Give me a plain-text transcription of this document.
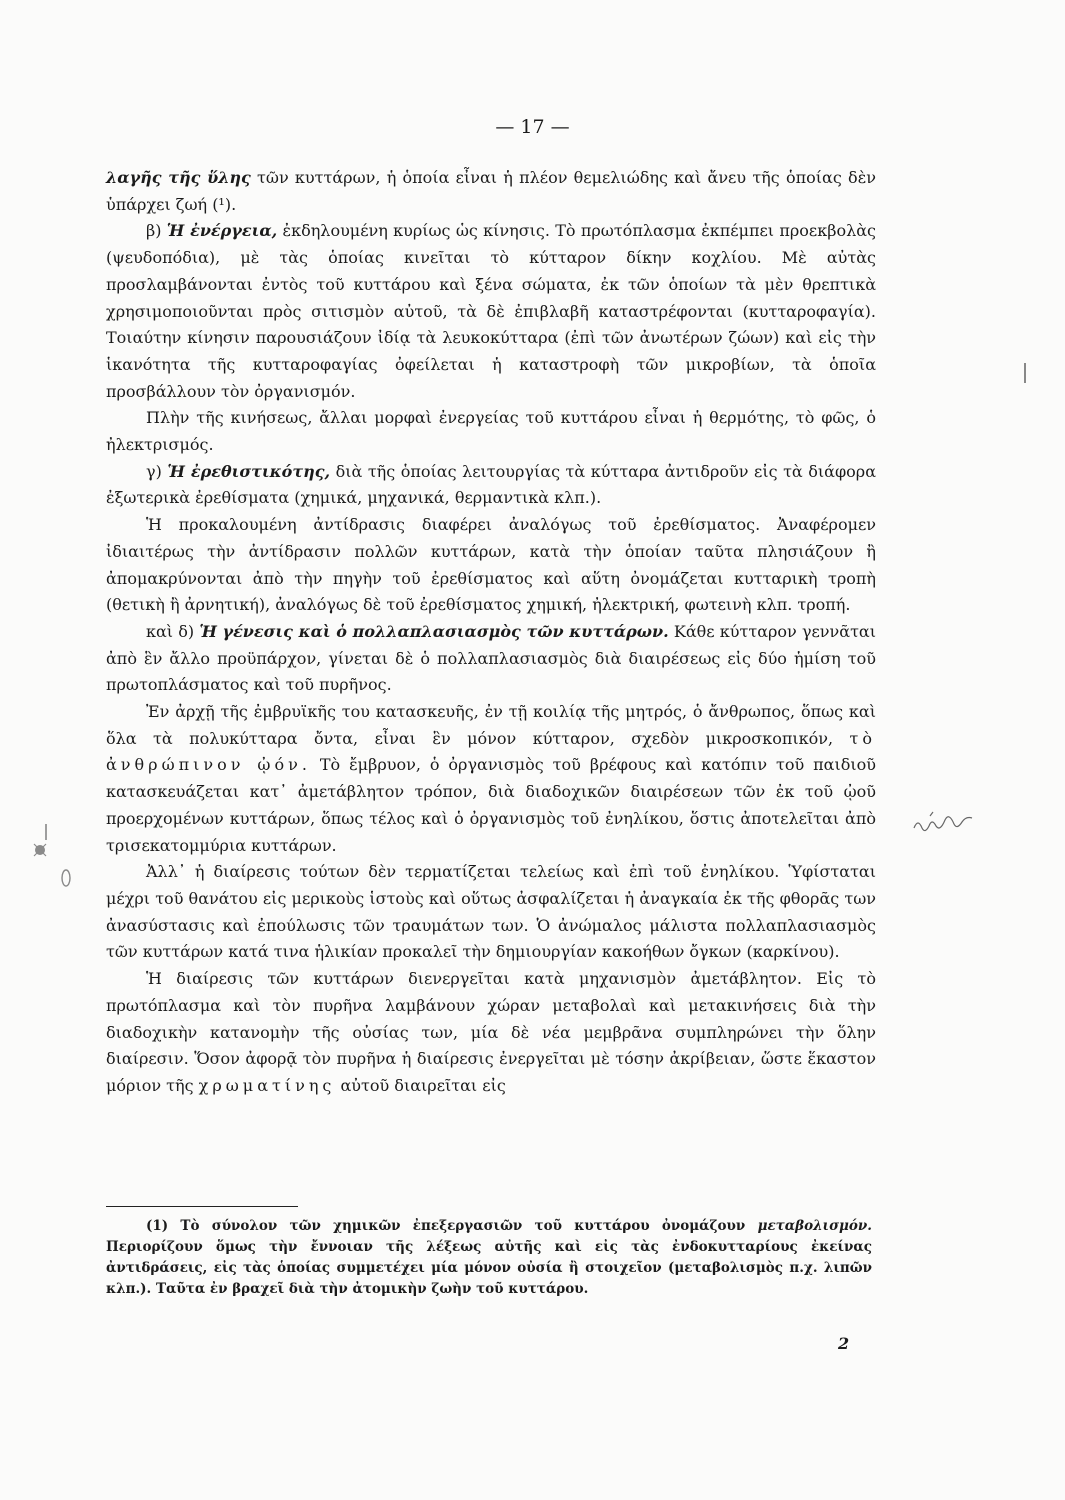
— 17 —

λαγῆς τῆς ὕλης τῶν κυττάρων, ἡ ὁποία εἶναι ἡ πλέον θεμελιώδης καὶ ἄνευ τῆς ὁποίας δὲν ὑπάρχει ζωή (¹).

β) Ἡ ἐνέργεια, ἐκδηλουμένη κυρίως ὡς κίνησις. Τὸ πρωτόπλασμα ἐκπέμπει προεκβολὰς (ψευδοπόδια), μὲ τὰς ὁποίας κινεῖται τὸ κύτταρον δίκην κοχλίου. Μὲ αὐτὰς προσλαμβάνονται ἐντὸς τοῦ κυττάρου καὶ ξένα σώματα, ἐκ τῶν ὁποίων τὰ μὲν θρεπτικὰ χρησιμοποιοῦνται πρὸς σιτισμὸν αὐτοῦ, τὰ δὲ ἐπιβλαβῆ καταστρέφονται (κυτταροφαγία). Τοιαύτην κίνησιν παρουσιάζουν ἰδίᾳ τὰ λευκοκύτταρα (ἐπὶ τῶν ἀνωτέρων ζώων) καὶ εἰς τὴν ἱκανότητα τῆς κυτταροφαγίας ὀφείλεται ἡ καταστροφὴ τῶν μικροβίων, τὰ ὁποῖα προσβάλλουν τὸν ὀργανισμόν.

Πλὴν τῆς κινήσεως, ἄλλαι μορφαὶ ἐνεργείας τοῦ κυττάρου εἶναι ἡ θερμότης, τὸ φῶς, ὁ ἠλεκτρισμός.

γ) Ἡ ἐρεθιστικότης, διὰ τῆς ὁποίας λειτουργίας τὰ κύτταρα ἀντιδροῦν εἰς τὰ διάφορα ἐξωτερικὰ ἐρεθίσματα (χημικά, μηχανικά, θερμαντικὰ κλπ.).

Ἡ προκαλουμένη ἀντίδρασις διαφέρει ἀναλόγως τοῦ ἐρεθίσματος. Ἀναφέρομεν ἰδιαιτέρως τὴν ἀντίδρασιν πολλῶν κυττάρων, κατὰ τὴν ὁποίαν ταῦτα πλησιάζουν ἢ ἀπομακρύνονται ἀπὸ τὴν πηγὴν τοῦ ἐρεθίσματος καὶ αὕτη ὀνομάζεται κυτταρικὴ τροπὴ (θετικὴ ἢ ἀρνητική), ἀναλόγως δὲ τοῦ ἐρεθίσματος χημική, ἠλεκτρική, φωτεινὴ κλπ. τροπή.

καὶ δ) Ἡ γένεσις καὶ ὁ πολλαπλασιασμὸς τῶν κυττάρων. Κάθε κύτταρον γεννᾶται ἀπὸ ἓν ἄλλο προϋπάρχον, γίνεται δὲ ὁ πολλαπλασιασμὸς διὰ διαιρέσεως εἰς δύο ἡμίση τοῦ πρωτοπλάσματος καὶ τοῦ πυρῆνος.

Ἐν ἀρχῇ τῆς ἐμβρυϊκῆς του κατασκευῆς, ἐν τῇ κοιλίᾳ τῆς μητρός, ὁ ἄνθρωπος, ὅπως καὶ ὅλα τὰ πολυκύτταρα ὄντα, εἶναι ἓν μόνον κύτταρον, σχεδὸν μικροσκοπικόν, τὸ ἀνθρώπινον ᾠόν. Τὸ ἔμβρυον, ὁ ὀργανισμὸς τοῦ βρέφους καὶ κατόπιν τοῦ παιδιοῦ κατασκευάζεται κατ᾽ ἀμετάβλητον τρόπον, διὰ διαδοχικῶν διαιρέσεων τῶν ἐκ τοῦ ᾠοῦ προερχομένων κυττάρων, ὅπως τέλος καὶ ὁ ὀργανισμὸς τοῦ ἐνηλίκου, ὅστις ἀποτελεῖται ἀπὸ τρισεκατομμύρια κυττάρων.

Ἀλλ᾽ ἡ διαίρεσις τούτων δὲν τερματίζεται τελείως καὶ ἐπὶ τοῦ ἐνηλίκου. Ὑφίσταται μέχρι τοῦ θανάτου εἰς μερικοὺς ἱστοὺς καὶ οὕτως ἀσφαλίζεται ἡ ἀναγκαία ἐκ τῆς φθορᾶς των ἀνασύστασις καὶ ἐπούλωσις τῶν τραυμάτων των. Ὁ ἀνώμαλος μάλιστα πολλαπλασιασμὸς τῶν κυττάρων κατά τινα ἡλικίαν προκαλεῖ τὴν δημιουργίαν κακοήθων ὄγκων (καρκίνου).

Ἡ διαίρεσις τῶν κυττάρων διενεργεῖται κατὰ μηχανισμὸν ἀμετάβλητον. Εἰς τὸ πρωτόπλασμα καὶ τὸν πυρῆνα λαμβάνουν χώραν μεταβολαὶ καὶ μετακινήσεις διὰ τὴν διαδοχικὴν κατανομὴν τῆς οὐσίας των, μία δὲ νέα μεμβρᾶνα συμπληρώνει τὴν ὅλην διαίρεσιν. Ὅσον ἀφορᾷ τὸν πυρῆνα ἡ διαίρεσις ἐνεργεῖται μὲ τόσην ἀκρίβειαν, ὥστε ἕκαστον μόριον τῆς χρωματίνης αὐτοῦ διαιρεῖται εἰς

(1) Τὸ σύνολον τῶν χημικῶν ἐπεξεργασιῶν τοῦ κυττάρου ὀνομάζουν μεταβολισμόν. Περιορίζουν ὅμως τὴν ἔννοιαν τῆς λέξεως αὐτῆς καὶ εἰς τὰς ἐνδοκυτταρίους ἐκείνας ἀντιδράσεις, εἰς τὰς ὁποίας συμμετέχει μία μόνον οὐσία ἢ στοιχεῖον (μεταβολισμὸς π.χ. λιπῶν κλπ.). Ταῦτα ἐν βραχεῖ διὰ τὴν ἀτομικὴν ζωὴν τοῦ κυττάρου.

2
